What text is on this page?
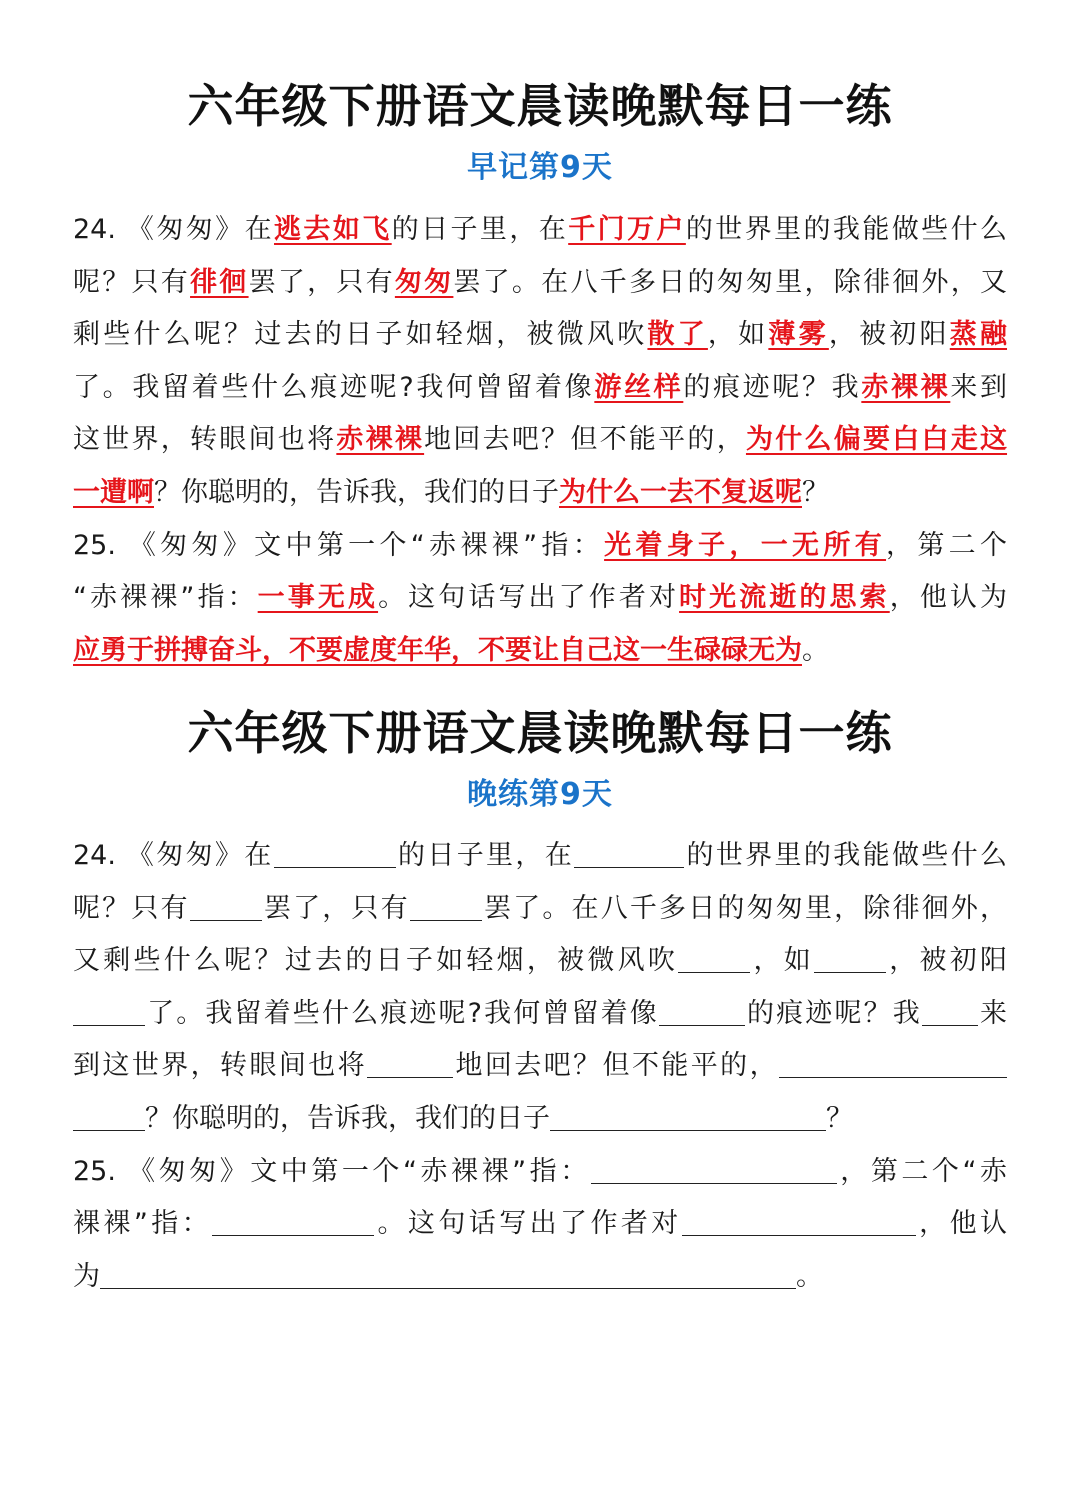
六年级下册语文晨读晚默每日一练
早记第9天
24. 《匆匆》在逃去如飞的日子里，在千门万户的世界里的我能做些什么
呢？只有徘徊罢了，只有匆匆罢了。在八千多日的匆匆里，除徘徊外，又
剩些什么呢？过去的日子如轻烟，被微风吹散了，如薄雾，被初阳蒸融
了。我留着些什么痕迹呢?我何曾留着像游丝样的痕迹呢？我赤裸裸来到
这世界，转眼间也将赤裸裸地回去吧？但不能平的，为什么偏要白白走这
一遭啊？你聪明的，告诉我，我们的日子为什么一去不复返呢？
25. 《匆匆》文中第一个“赤裸裸”指：光着身子，一无所有，第二个
“赤裸裸”指：一事无成。这句话写出了作者对时光流逝的思索，他认为
应勇于拼搏奋斗，不要虚度年华，不要让自己这一生碌碌无为。
六年级下册语文晨读晚默每日一练
晚练第9天
24. 《匆匆》在	的日子里，在	的世界里的我能做些什么
呢？只有	罢了，只有	罢了。在八千多日的匆匆里，除徘徊外，
又剩些什么呢？过去的日子如轻烟，被微风吹	，如	，被初阳
了。我留着些什么痕迹呢?我何曾留着像	的痕迹呢？我 来
到这世界，转眼间也将	地回去吧？但不能平的，
？你聪明的，告诉我，我们的日子	？
25. 《匆匆》文中第一个“赤裸裸”指：	，第二个“赤
裸裸”指：	。这句话写出了作者对	，他认
为	。
